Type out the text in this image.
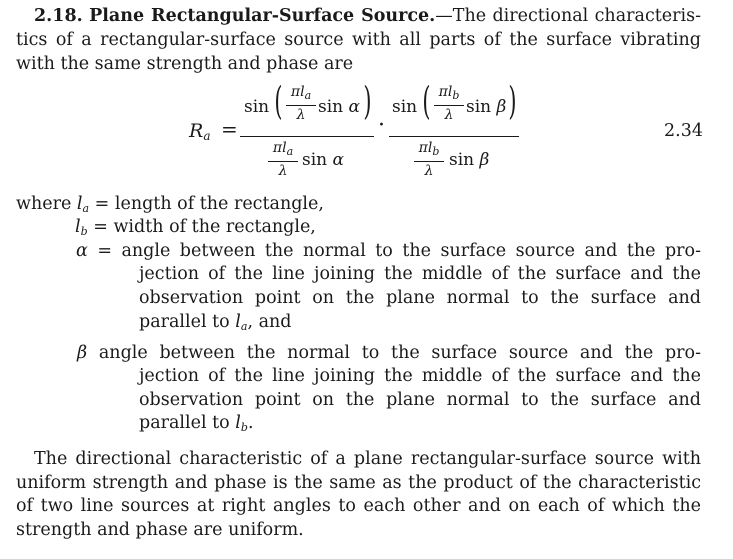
2.18. Plane Rectangular-Surface Source.—The directional characteris-
tics of a rectangular-surface source with all parts of the surface vibrating
with the same strength and phase are
$R_a$ =
sin ( $\pi l_a$
λ sin α )
$\pi l_a$
λ
sin α
·
sin ( $\pi l_b$
λ sin β )
$\pi l_b$
λ
sin β
2.34
where $l_a$ = length of the rectangle,
$l_b$ = width of the rectangle,
α = angle between the normal to the surface source and the pro-
jection of the line joining the middle of the surface and the
observation point on the plane normal to the surface and
parallel to $l_a$, and
β angle between the normal to the surface source and the pro-
jection of the line joining the middle of the surface and the
observation point on the plane normal to the surface and
parallel to $l_b$.
The directional characteristic of a plane rectangular-surface source with
uniform strength and phase is the same as the product of the characteristic
of two line sources at right angles to each other and on each of which the
strength and phase are uniform.
